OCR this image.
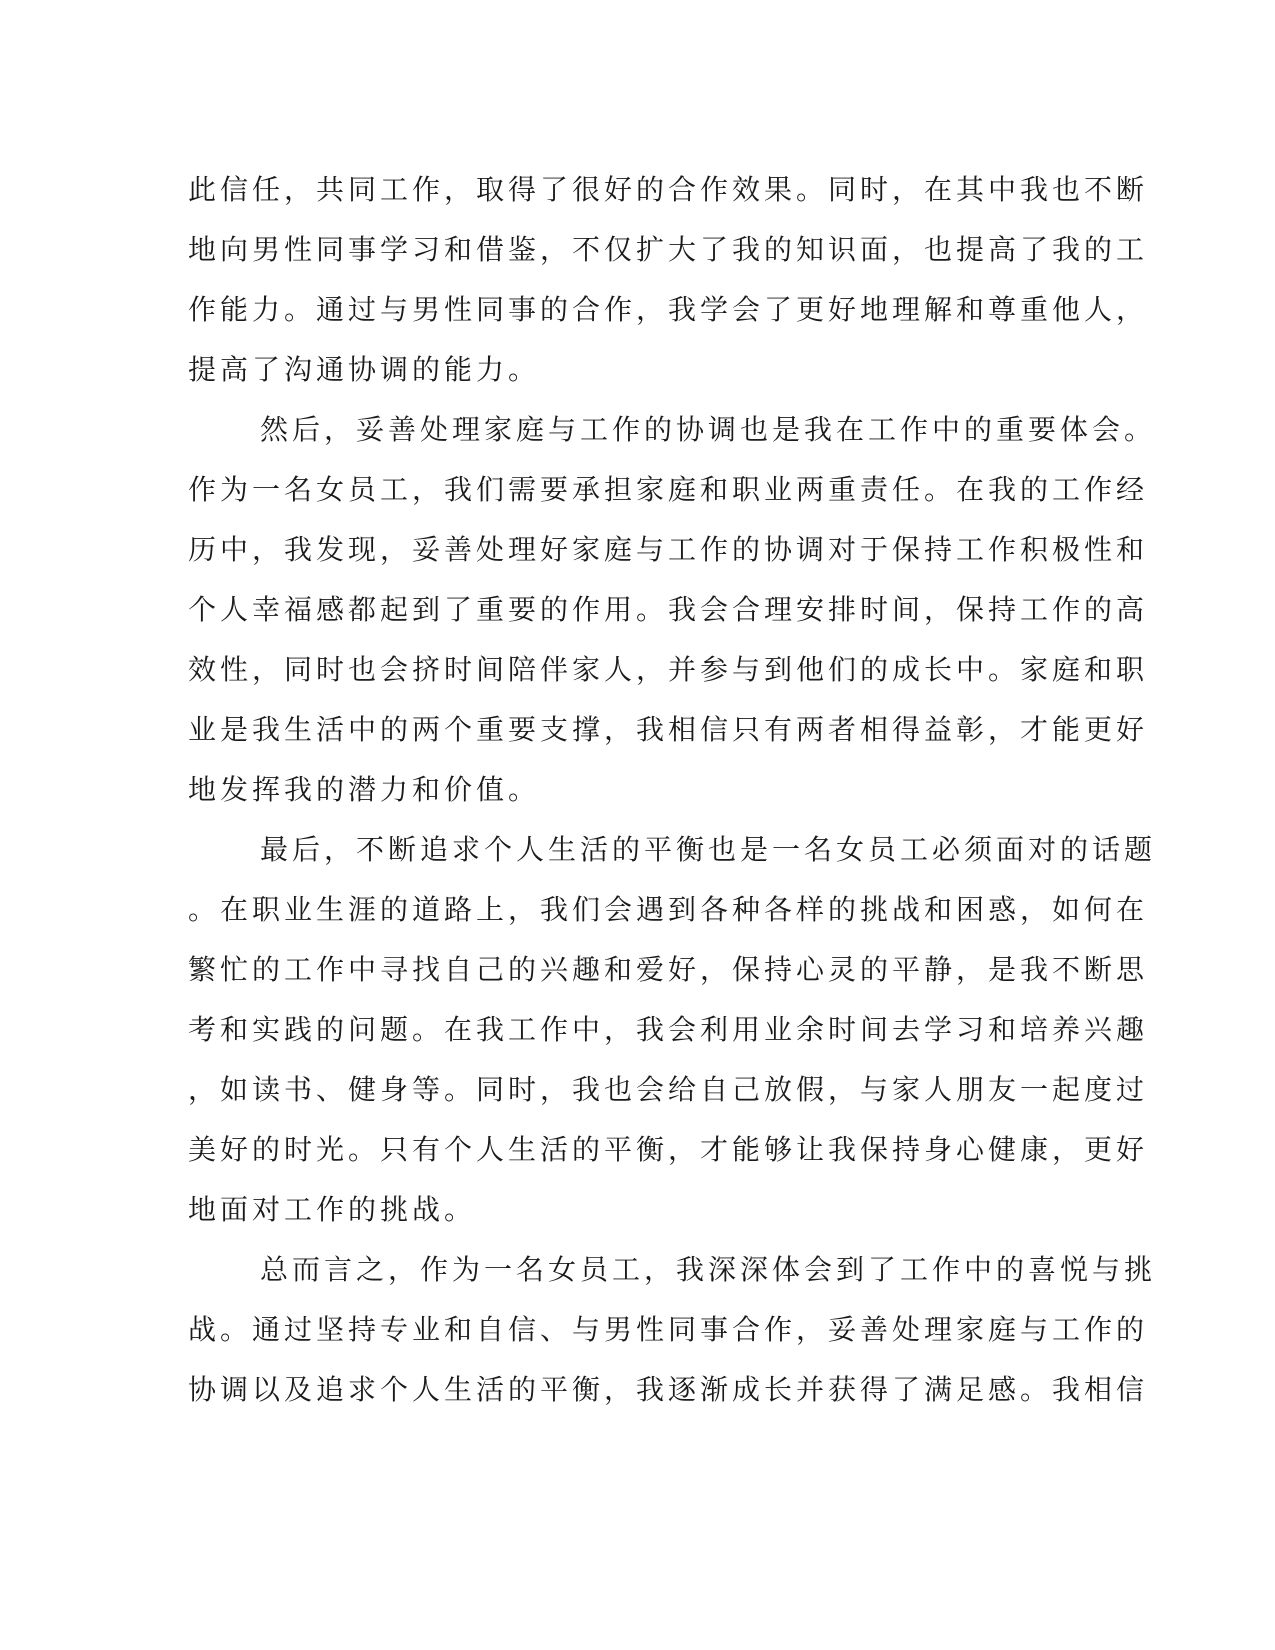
此信任，共同工作，取得了很好的合作效果。同时，在其中我也不断
地向男性同事学习和借鉴，不仅扩大了我的知识面，也提高了我的工
作能力。通过与男性同事的合作，我学会了更好地理解和尊重他人，
提高了沟通协调的能力。
然后，妥善处理家庭与工作的协调也是我在工作中的重要体会。
作为一名女员工，我们需要承担家庭和职业两重责任。在我的工作经
历中，我发现，妥善处理好家庭与工作的协调对于保持工作积极性和
个人幸福感都起到了重要的作用。我会合理安排时间，保持工作的高
效性，同时也会挤时间陪伴家人，并参与到他们的成长中。家庭和职
业是我生活中的两个重要支撑，我相信只有两者相得益彰，才能更好
地发挥我的潜力和价值。
最后，不断追求个人生活的平衡也是一名女员工必须面对的话题
。在职业生涯的道路上，我们会遇到各种各样的挑战和困惑，如何在
繁忙的工作中寻找自己的兴趣和爱好，保持心灵的平静，是我不断思
考和实践的问题。在我工作中，我会利用业余时间去学习和培养兴趣
，如读书、健身等。同时，我也会给自己放假，与家人朋友一起度过
美好的时光。只有个人生活的平衡，才能够让我保持身心健康，更好
地面对工作的挑战。
总而言之，作为一名女员工，我深深体会到了工作中的喜悦与挑
战。通过坚持专业和自信、与男性同事合作，妥善处理家庭与工作的
协调以及追求个人生活的平衡，我逐渐成长并获得了满足感。我相信
